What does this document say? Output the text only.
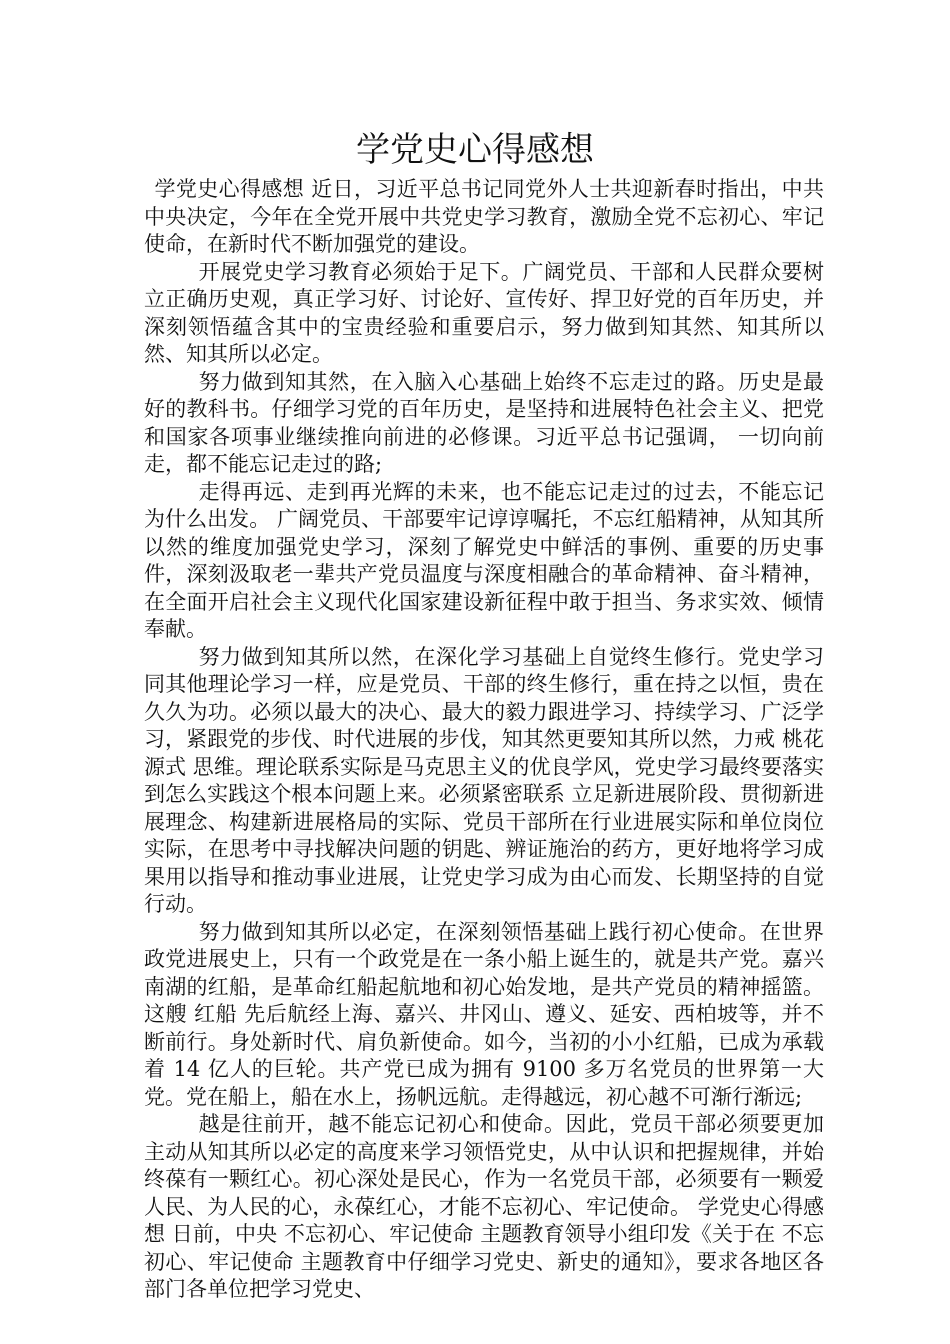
学党史心得感想

学党史心得感想 近日，习近平总书记同党外人士共迎新春时指出，中共中央决定，今年在全党开展中共党史学习教育，激励全党不忘初心、牢记使命，在新时代不断加强党的建设。

开展党史学习教育必须始于足下。广阔党员、干部和人民群众要树立正确历史观，真正学习好、讨论好、宣传好、捍卫好党的百年历史，并深刻领悟蕴含其中的宝贵经验和重要启示，努力做到知其然、知其所以然、知其所以必定。

努力做到知其然，在入脑入心基础上始终不忘走过的路。历史是最好的教科书。仔细学习党的百年历史，是坚持和进展特色社会主义、把党和国家各项事业继续推向前进的必修课。习近平总书记强调， 一切向前走，都不能忘记走过的路;

走得再远、走到再光辉的未来，也不能忘记走过的过去，不能忘记为什么出发。 广阔党员、干部要牢记谆谆嘱托，不忘红船精神，从知其所以然的维度加强党史学习，深刻了解党史中鲜活的事例、重要的历史事件，深刻汲取老一辈共产党员温度与深度相融合的革命精神、奋斗精神，在全面开启社会主义现代化国家建设新征程中敢于担当、务求实效、倾情奉献。

努力做到知其所以然，在深化学习基础上自觉终生修行。党史学习同其他理论学习一样，应是党员、干部的终生修行，重在持之以恒，贵在久久为功。必须以最大的决心、最大的毅力跟进学习、持续学习、广泛学习，紧跟党的步伐、时代进展的步伐，知其然更要知其所以然，力戒 桃花源式 思维。理论联系实际是马克思主义的优良学风，党史学习最终要落实到怎么实践这个根本问题上来。必须紧密联系 立足新进展阶段、贯彻新进展理念、构建新进展格局的实际、党员干部所在行业进展实际和单位岗位实际，在思考中寻找解决问题的钥匙、辨证施治的药方，更好地将学习成果用以指导和推动事业进展，让党史学习成为由心而发、长期坚持的自觉行动。

努力做到知其所以必定，在深刻领悟基础上践行初心使命。在世界政党进展史上，只有一个政党是在一条小船上诞生的，就是共产党。嘉兴南湖的红船，是革命红船起航地和初心始发地，是共产党员的精神摇篮。这艘 红船 先后航经上海、嘉兴、井冈山、遵义、延安、西柏坡等，并不断前行。身处新时代、肩负新使命。如今，当初的小小红船，已成为承载着 14 亿人的巨轮。共产党已成为拥有 9100 多万名党员的世界第一大党。党在船上，船在水上，扬帆远航。走得越远，初心越不可渐行渐远;

越是往前开，越不能忘记初心和使命。因此，党员干部必须要更加主动从知其所以必定的高度来学习领悟党史，从中认识和把握规律，并始终葆有一颗红心。初心深处是民心，作为一名党员干部，必须要有一颗爱人民、为人民的心，永葆红心，才能不忘初心、牢记使命。 学党史心得感想 日前，中央 不忘初心、牢记使命 主题教育领导小组印发《关于在 不忘初心、牢记使命 主题教育中仔细学习党史、新史的通知》，要求各地区各部门各单位把学习党史、
